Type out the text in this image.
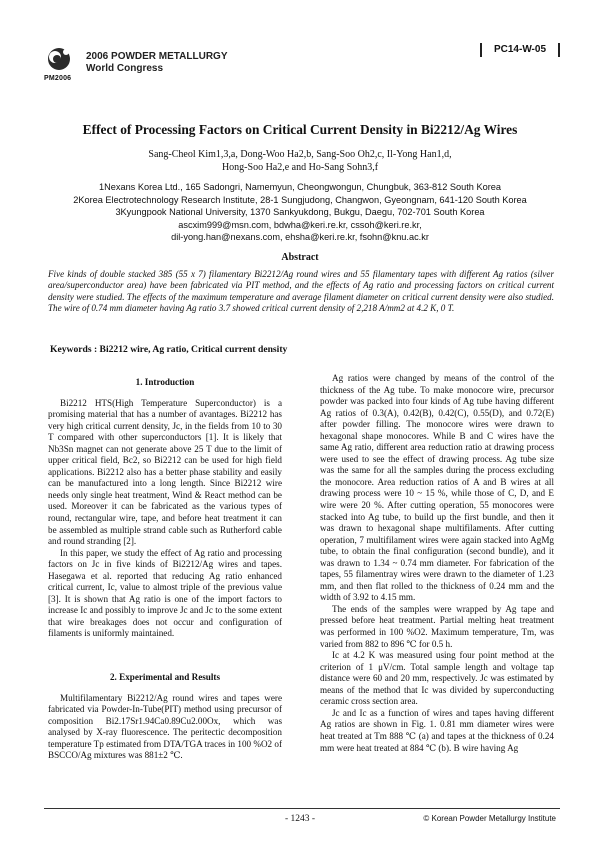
PM2006
2006 POWDER METALLURGY
World Congress
PC14-W-05
Effect of Processing Factors on Critical Current Density in Bi2212/Ag Wires
Sang-Cheol Kim1,3,a, Dong-Woo Ha2,b, Sang-Soo Oh2,c, Il-Yong Han1,d,
Hong-Soo Ha2,e and Ho-Sang Sohn3,f
1Nexans Korea Ltd., 165 Sadongri, Namemyun, Cheongwongun, Chungbuk, 363-812 South Korea
2Korea Electrotechnology Research Institute, 28-1 Sungjudong, Changwon, Gyeongnam, 641-120 South Korea
3Kyungpook National University, 1370 Sankyukdong, Bukgu, Daegu, 702-701 South Korea
ascxim999@msn.com, bdwha@keri.re.kr, cssoh@keri.re.kr,
dil-yong.han@nexans.com, ehsha@keri.re.kr, fsohn@knu.ac.kr
Abstract
Five kinds of double stacked 385 (55 x 7) filamentary Bi2212/Ag round wires and 55 filamentary tapes with different Ag ratios (silver area/superconductor area) have been fabricated via PIT method, and the effects of Ag ratio and processing factors on critical current density were studied. The effects of the maximum temperature and average filament diameter on critical current density were also studied. The wire of 0.74 mm diameter having Ag ratio 3.7 showed critical current density of 2,218 A/mm2 at 4.2 K, 0 T.
Keywords : Bi2212 wire, Ag ratio, Critical current density
1. Introduction

Bi2212 HTS(High Temperature Superconductor) is a promising material that has a number of avantages. Bi2212 has very high critical current density, Jc, in the fields from 10 to 30 T compared with other superconductors [1]. It is likely that Nb3Sn magnet can not generate above 25 T due to the limit of upper critical field, Bc2, so Bi2212 can be used for high field applications. Bi2212 also has a better phase stability and easily can be manufactured into a long length. Since Bi2212 wire needs only single heat treatment, Wind & React method can be used. Moreover it can be fabricated as the various types of round, rectangular wire, tape, and before heat treatment it can be assembled as multiple strand cable such as Rutherford cable and round stranding [2].

In this paper, we study the effect of Ag ratio and processing factors on Jc in five kinds of Bi2212/Ag wires and tapes. Hasegawa et al. reported that reducing Ag ratio enhanced critical current, Ic, value to almost triple of the previous value [3]. It is shown that Ag ratio is one of the import factors to increase Ic and possibly to improve Jc and Jc to the some extent that wire breakages does not occur and configuration of filaments is uniformly maintained.

2. Experimental and Results

Multifilamentary Bi2212/Ag round wires and tapes were fabricated via Powder-In-Tube(PIT) method using precursor of composition Bi2.17Sr1.94Ca0.89Cu2.00Ox, which was analysed by X-ray fluorescence. The peritectic decomposition temperature Tp estimated from DTA/TGA traces in 100 %O2 of BSCCO/Ag mixtures was 881±2 ℃.

Ag ratios were changed by means of the control of the thickness of the Ag tube. To make monocore wire, precursor powder was packed into four kinds of Ag tube having different Ag ratios of 0.3(A), 0.42(B), 0.42(C), 0.55(D), and 0.72(E) after powder filling. The monocore wires were drawn to hexagonal shape monocores. While B and C wires have the same Ag ratio, different area reduction ratio at drawing process were used to see the effect of drawing process. Ag tube size was the same for all the samples during the process excluding the monocore. Area reduction ratios of A and B wires at all drawing process were 10 ~ 15 %, while those of C, D, and E wire were 20 %. After cutting operation, 55 monocores were stacked into Ag tube, to build up the first bundle, and then it was drawn to hexagonal shape multifilaments. After cutting operation, 7 multifilament wires were again stacked into AgMg tube, to obtain the final configuration (second bundle), and it was drawn to 1.34 ~ 0.74 mm diameter. For fabrication of the tapes, 55 filamentray wires were drawn to the diameter of 1.23 mm, and then flat rolled to the thickness of 0.24 mm and the width of 3.92 to 4.15 mm.

The ends of the samples were wrapped by Ag tape and pressed before heat treatment. Partial melting heat treatment was performed in 100 %O2. Maximum temperature, Tm, was varied from 882 to 896 ℃ for 0.5 h.

Ic at 4.2 K was measured using four point method at the criterion of 1 μV/cm. Total sample length and voltage tap distance were 60 and 20 mm, respectively. Jc was estimated by means of the method that Ic was divided by superconducting ceramic cross section area.

Jc and Ic as a function of wires and tapes having different Ag ratios are shown in Fig. 1. 0.81 mm diameter wires were heat treated at Tm 888 ℃ (a) and tapes at the thickness of 0.24 mm were heat treated at 884 ℃ (b). B wire having Ag

- 1243 -	© Korean Powder Metallurgy Institute
